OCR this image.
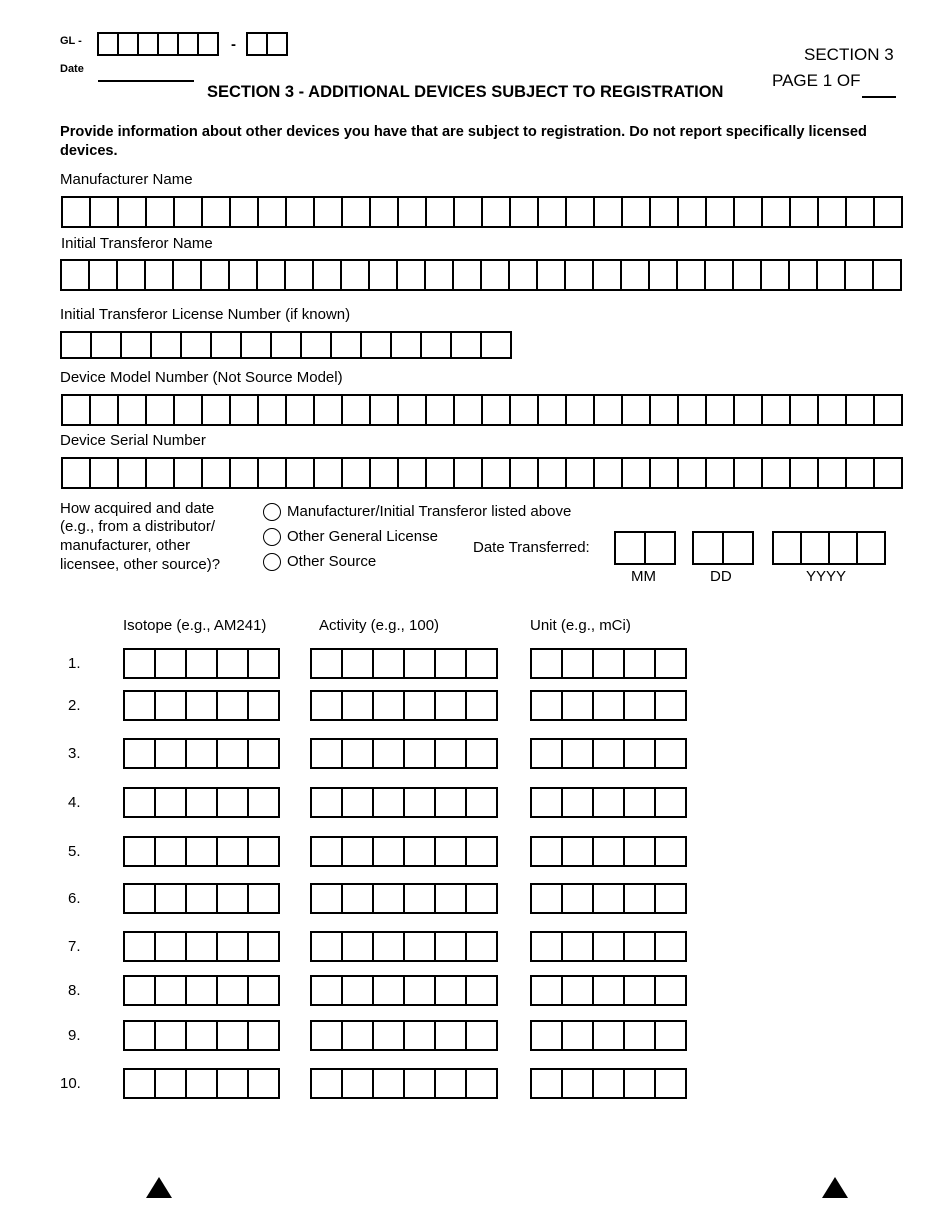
GL -	-
Date
SECTION 3
PAGE 1 OF
SECTION 3 - ADDITIONAL DEVICES SUBJECT TO REGISTRATION
Provide information about other devices you have that are subject to registration. Do not report specifically licensed devices.
Manufacturer Name
Initial Transferor Name
Initial Transferor License Number (if known)
Device Model Number (Not Source Model)
Device Serial Number
How acquired and date
(e.g., from a distributor/
manufacturer, other
licensee, other source)?
Manufacturer/Initial Transferor listed above
Other General License
Other Source
Date Transferred:
MM	DD	YYYY
Isotope (e.g., AM241)	Activity (e.g., 100)	Unit (e.g., mCi)
1.
2.
3.
4.
5.
6.
7.
8.
9.
10.
